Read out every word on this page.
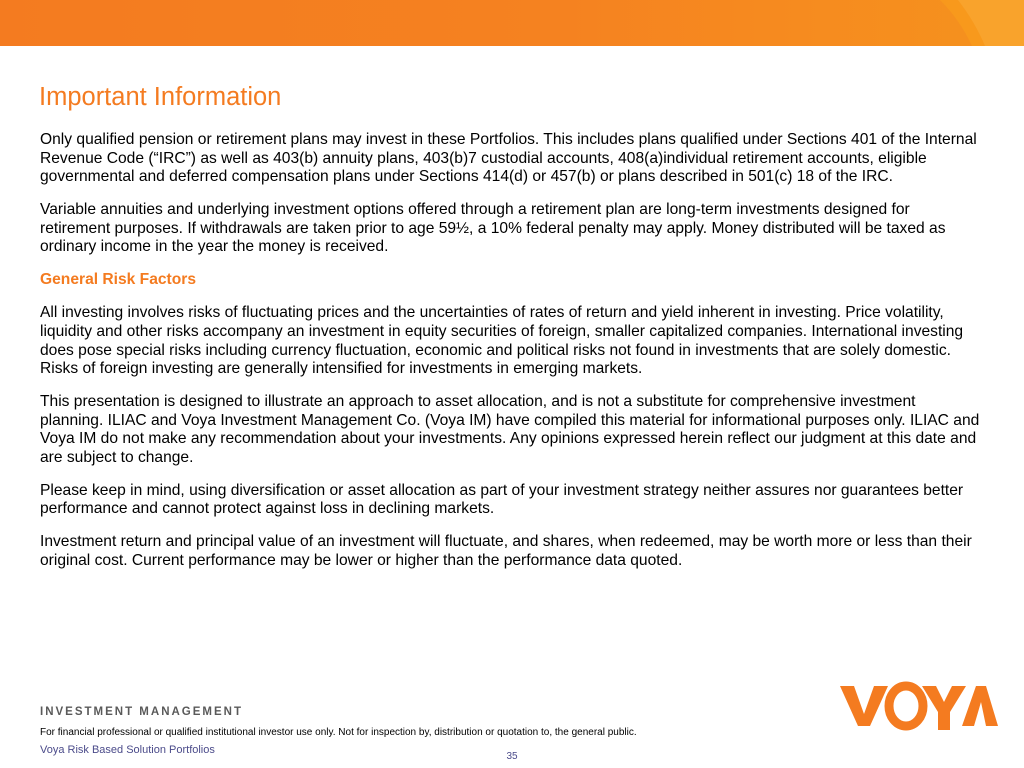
Important Information

Only qualified pension or retirement plans may invest in these Portfolios. This includes plans qualified under Sections 401 of the Internal Revenue Code (“IRC”) as well as 403(b) annuity plans, 403(b)7 custodial accounts, 408(a)individual retirement accounts, eligible governmental and deferred compensation plans under Sections 414(d) or 457(b) or plans described in 501(c) 18 of the IRC.

Variable annuities and underlying investment options offered through a retirement plan are long-term investments designed for retirement purposes. If withdrawals are taken prior to age 59½, a 10% federal penalty may apply. Money distributed will be taxed as ordinary income in the year the money is received.

General Risk Factors

All investing involves risks of fluctuating prices and the uncertainties of rates of return and yield inherent in investing. Price volatility, liquidity and other risks accompany an investment in equity securities of foreign, smaller capitalized companies. International investing does pose special risks including currency fluctuation, economic and political risks not found in investments that are solely domestic. Risks of foreign investing are generally intensified for investments in emerging markets.

This presentation is designed to illustrate an approach to asset allocation, and is not a substitute for comprehensive investment planning. ILIAC and Voya Investment Management Co. (Voya IM) have compiled this material for informational purposes only. ILIAC and Voya IM do not make any recommendation about your investments. Any opinions expressed herein reflect our judgment at this date and are subject to change.

Please keep in mind, using diversification or asset allocation as part of your investment strategy neither assures nor guarantees better performance and cannot protect against loss in declining markets.

Investment return and principal value of an investment will fluctuate, and shares, when redeemed, may be worth more or less than their original cost. Current performance may be lower or higher than the performance data quoted.

INVESTMENT MANAGEMENT
For financial professional or qualified institutional investor use only. Not for inspection by, distribution or quotation to, the general public.
Voya Risk Based Solution Portfolios
35
